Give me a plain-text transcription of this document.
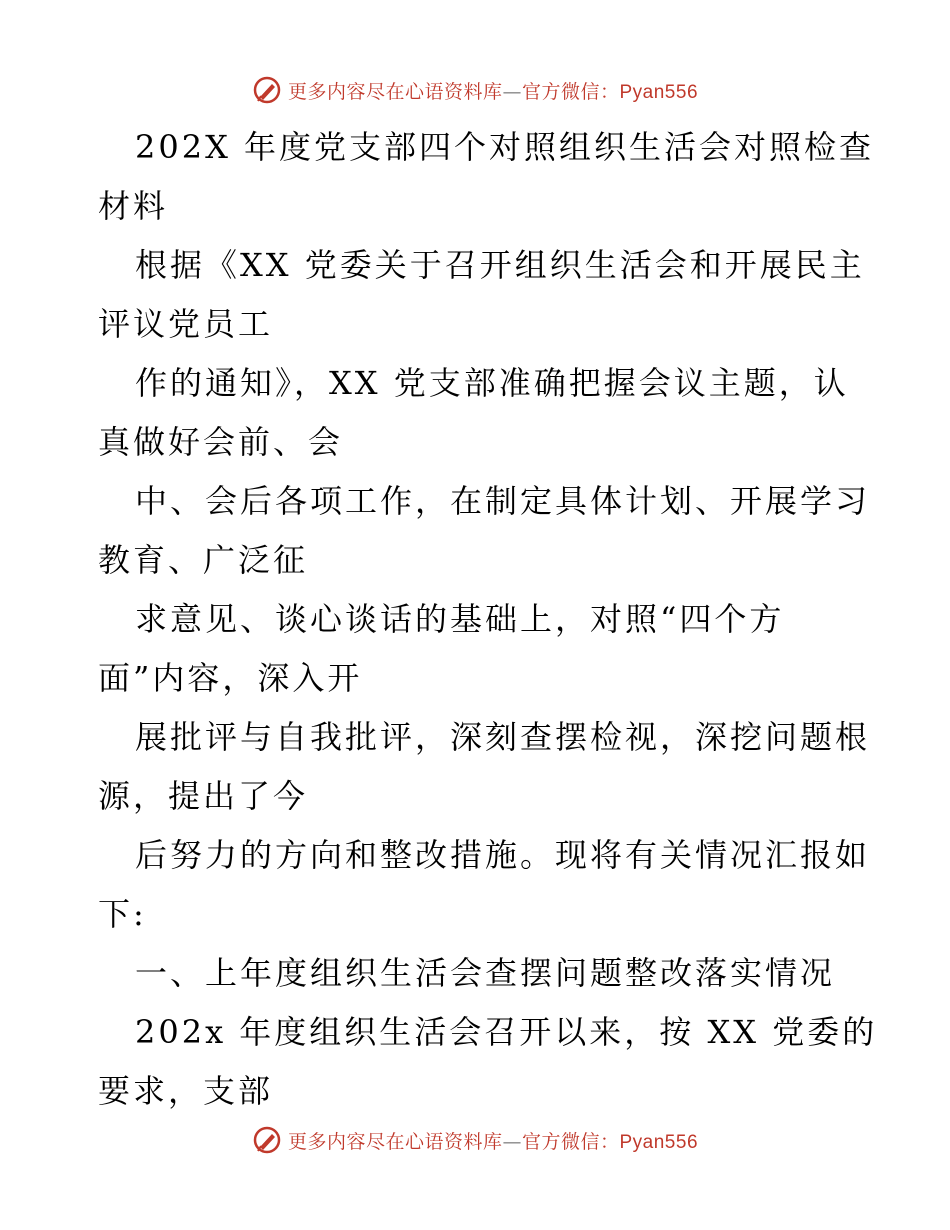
更多内容尽在心语资料库—官方微信：Pyan556
202X 年度党支部四个对照组织生活会对照检查
材料
根据《XX 党委关于召开组织生活会和开展民主
评议党员工
作的通知》，XX 党支部准确把握会议主题，认
真做好会前、会
中、会后各项工作，在制定具体计划、开展学习
教育、广泛征
求意见、谈心谈话的基础上，对照“四个方
面”内容，深入开
展批评与自我批评，深刻查摆检视，深挖问题根
源，提出了今
后努力的方向和整改措施。现将有关情况汇报如
下:
一、上年度组织生活会查摆问题整改落实情况
202x 年度组织生活会召开以来，按 XX 党委的
要求，支部
更多内容尽在心语资料库—官方微信：Pyan556
